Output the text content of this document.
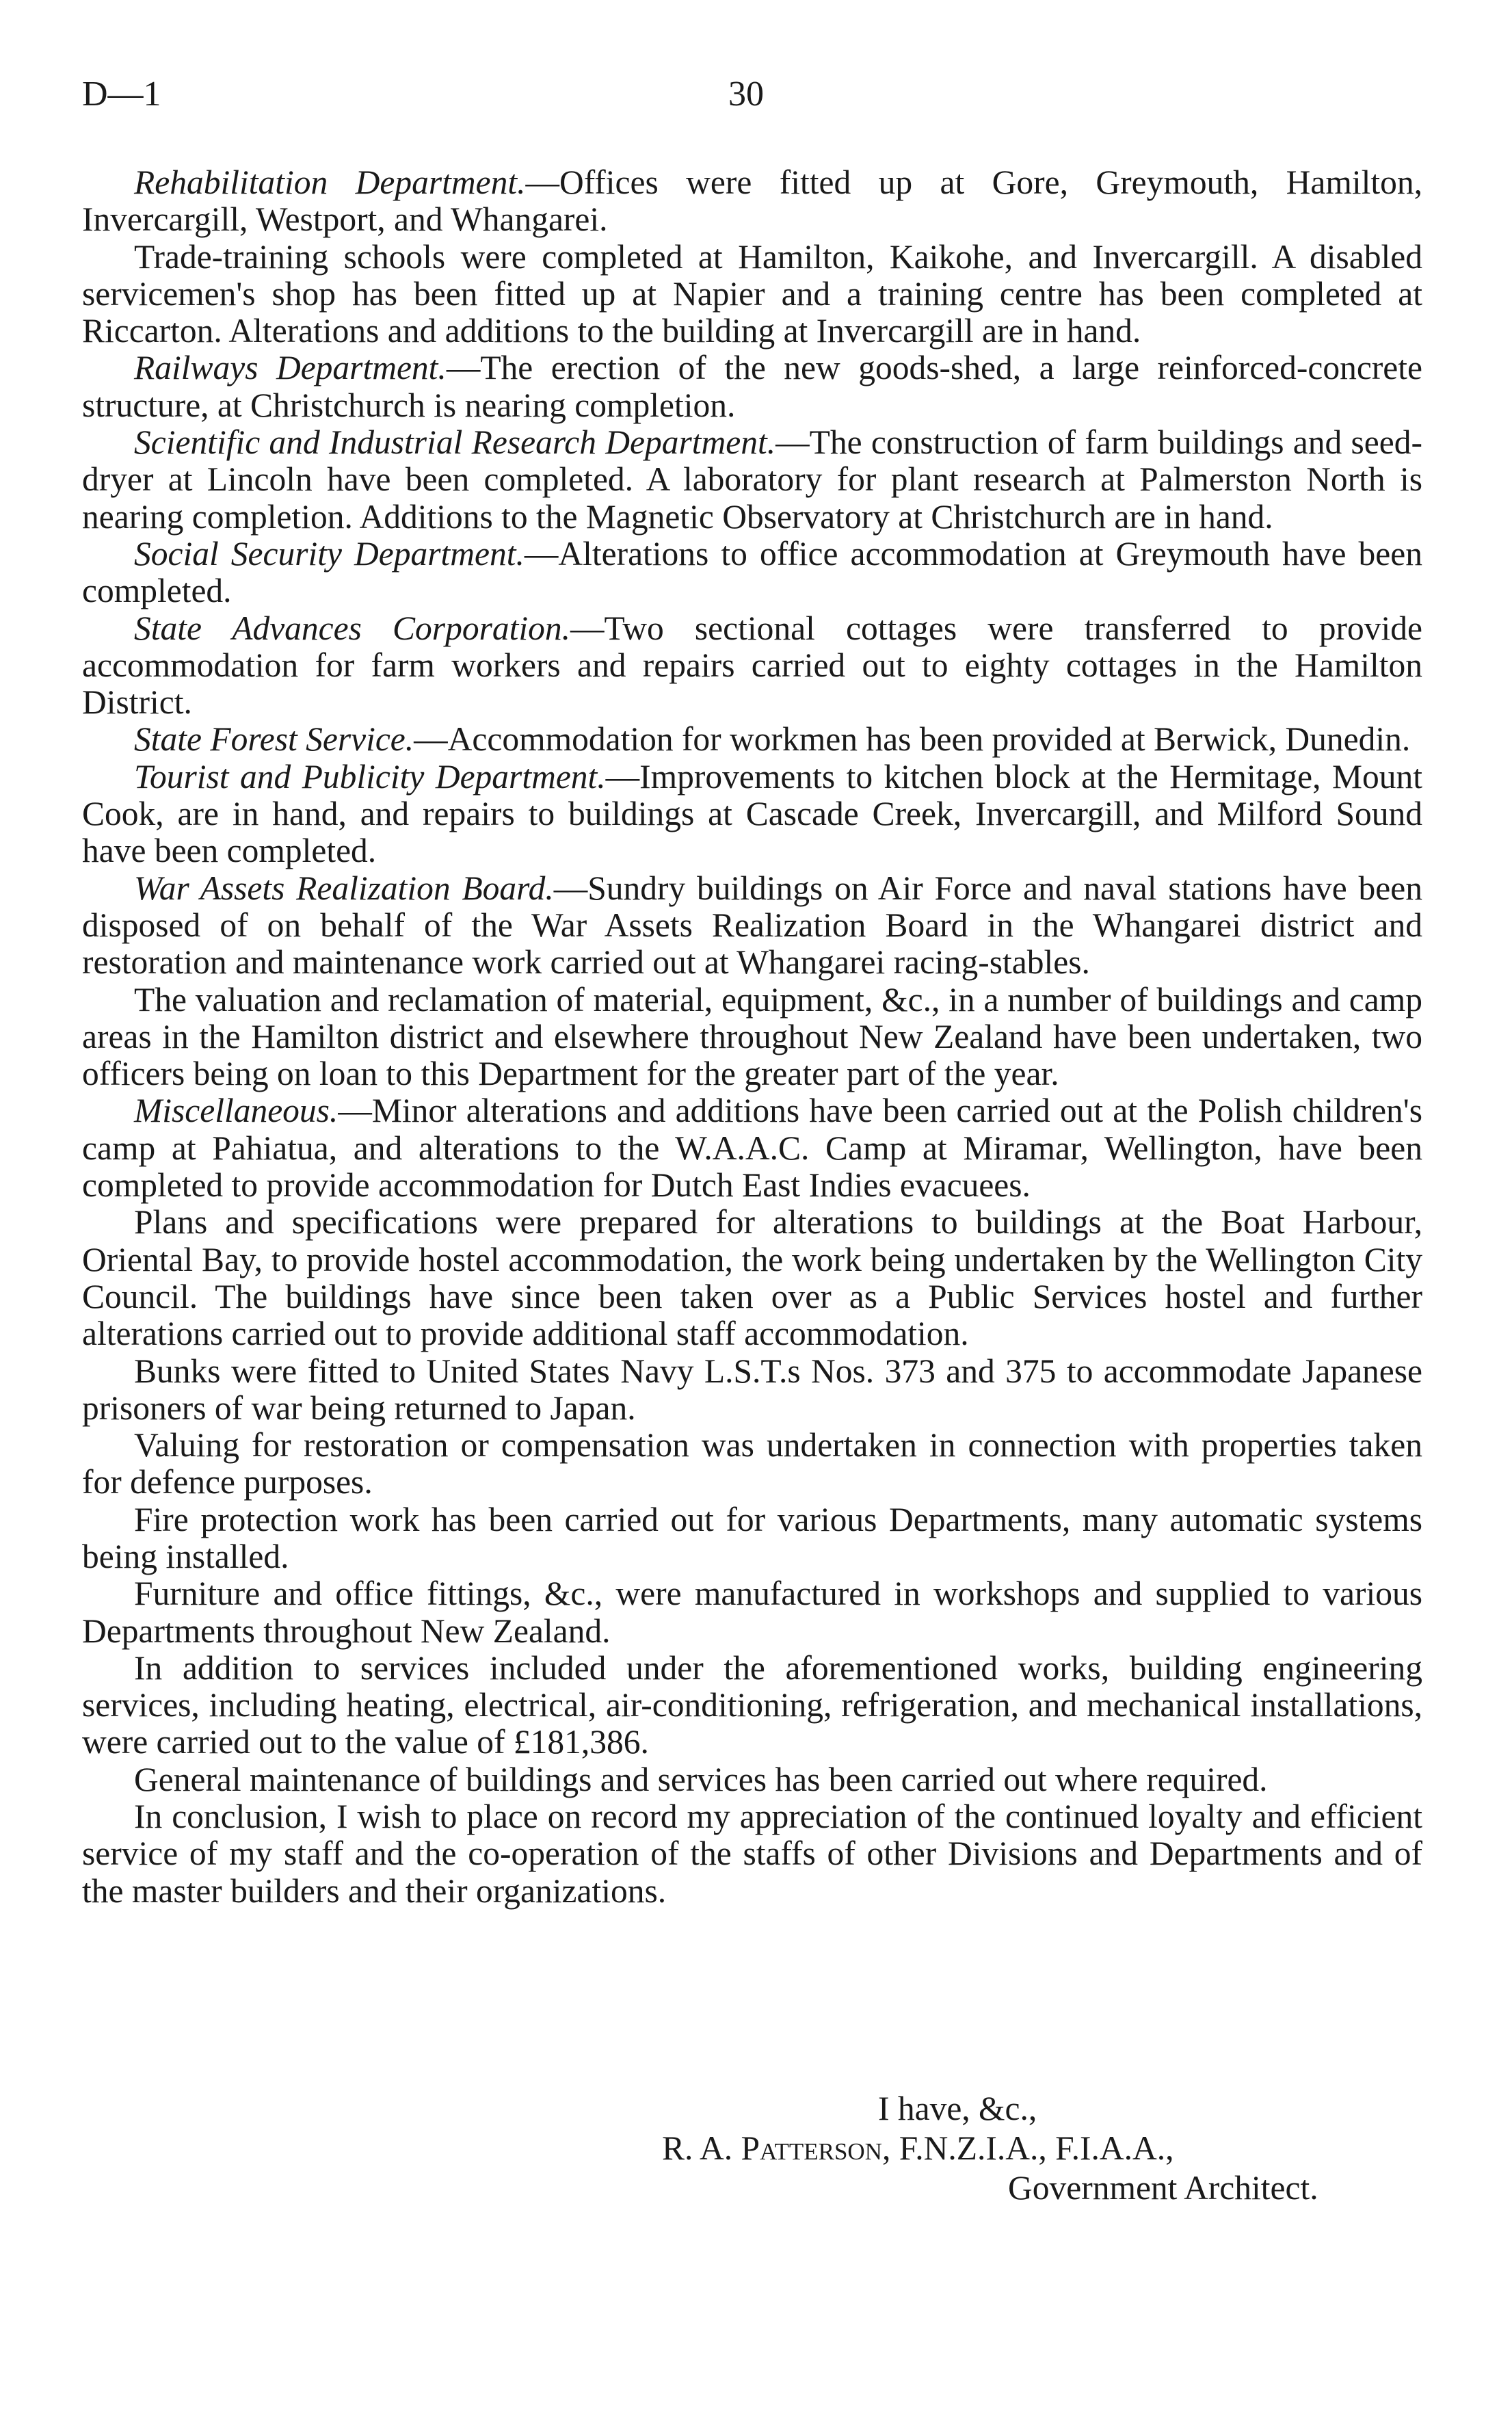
D—1	30

Rehabilitation Department.—Offices were fitted up at Gore, Greymouth, Hamilton, Invercargill, Westport, and Whangarei.

Trade-training schools were completed at Hamilton, Kaikohe, and Invercargill. A disabled servicemen's shop has been fitted up at Napier and a training centre has been completed at Riccarton. Alterations and additions to the building at Invercargill are in hand.

Railways Department.—The erection of the new goods-shed, a large reinforced-concrete structure, at Christchurch is nearing completion.

Scientific and Industrial Research Department.—The construction of farm buildings and seed-dryer at Lincoln have been completed. A laboratory for plant research at Palmerston North is nearing completion. Additions to the Magnetic Observatory at Christchurch are in hand.

Social Security Department.—Alterations to office accommodation at Greymouth have been completed.

State Advances Corporation.—Two sectional cottages were transferred to provide accommodation for farm workers and repairs carried out to eighty cottages in the Hamilton District.

State Forest Service.—Accommodation for workmen has been provided at Berwick, Dunedin.

Tourist and Publicity Department.—Improvements to kitchen block at the Hermitage, Mount Cook, are in hand, and repairs to buildings at Cascade Creek, Invercargill, and Milford Sound have been completed.

War Assets Realization Board.—Sundry buildings on Air Force and naval stations have been disposed of on behalf of the War Assets Realization Board in the Whangarei district and restoration and maintenance work carried out at Whangarei racing-stables.

The valuation and reclamation of material, equipment, &c., in a number of buildings and camp areas in the Hamilton district and elsewhere throughout New Zealand have been undertaken, two officers being on loan to this Department for the greater part of the year.

Miscellaneous.—Minor alterations and additions have been carried out at the Polish children's camp at Pahiatua, and alterations to the W.A.A.C. Camp at Miramar, Wellington, have been completed to provide accommodation for Dutch East Indies evacuees.

Plans and specifications were prepared for alterations to buildings at the Boat Harbour, Oriental Bay, to provide hostel accommodation, the work being undertaken by the Wellington City Council. The buildings have since been taken over as a Public Services hostel and further alterations carried out to provide additional staff accommodation.

Bunks were fitted to United States Navy L.S.T.s Nos. 373 and 375 to accommodate Japanese prisoners of war being returned to Japan.

Valuing for restoration or compensation was undertaken in connection with properties taken for defence purposes.

Fire protection work has been carried out for various Departments, many automatic systems being installed.

Furniture and office fittings, &c., were manufactured in workshops and supplied to various Departments throughout New Zealand.

In addition to services included under the aforementioned works, building engineering services, including heating, electrical, air-conditioning, refrigeration, and mechanical installations, were carried out to the value of £181,386.

General maintenance of buildings and services has been carried out where required.

In conclusion, I wish to place on record my appreciation of the continued loyalty and efficient service of my staff and the co-operation of the staffs of other Divisions and Departments and of the master builders and their organizations.

I have, &c.,
R. A. Patterson, F.N.Z.I.A., F.I.A.A.,
Government Architect.
